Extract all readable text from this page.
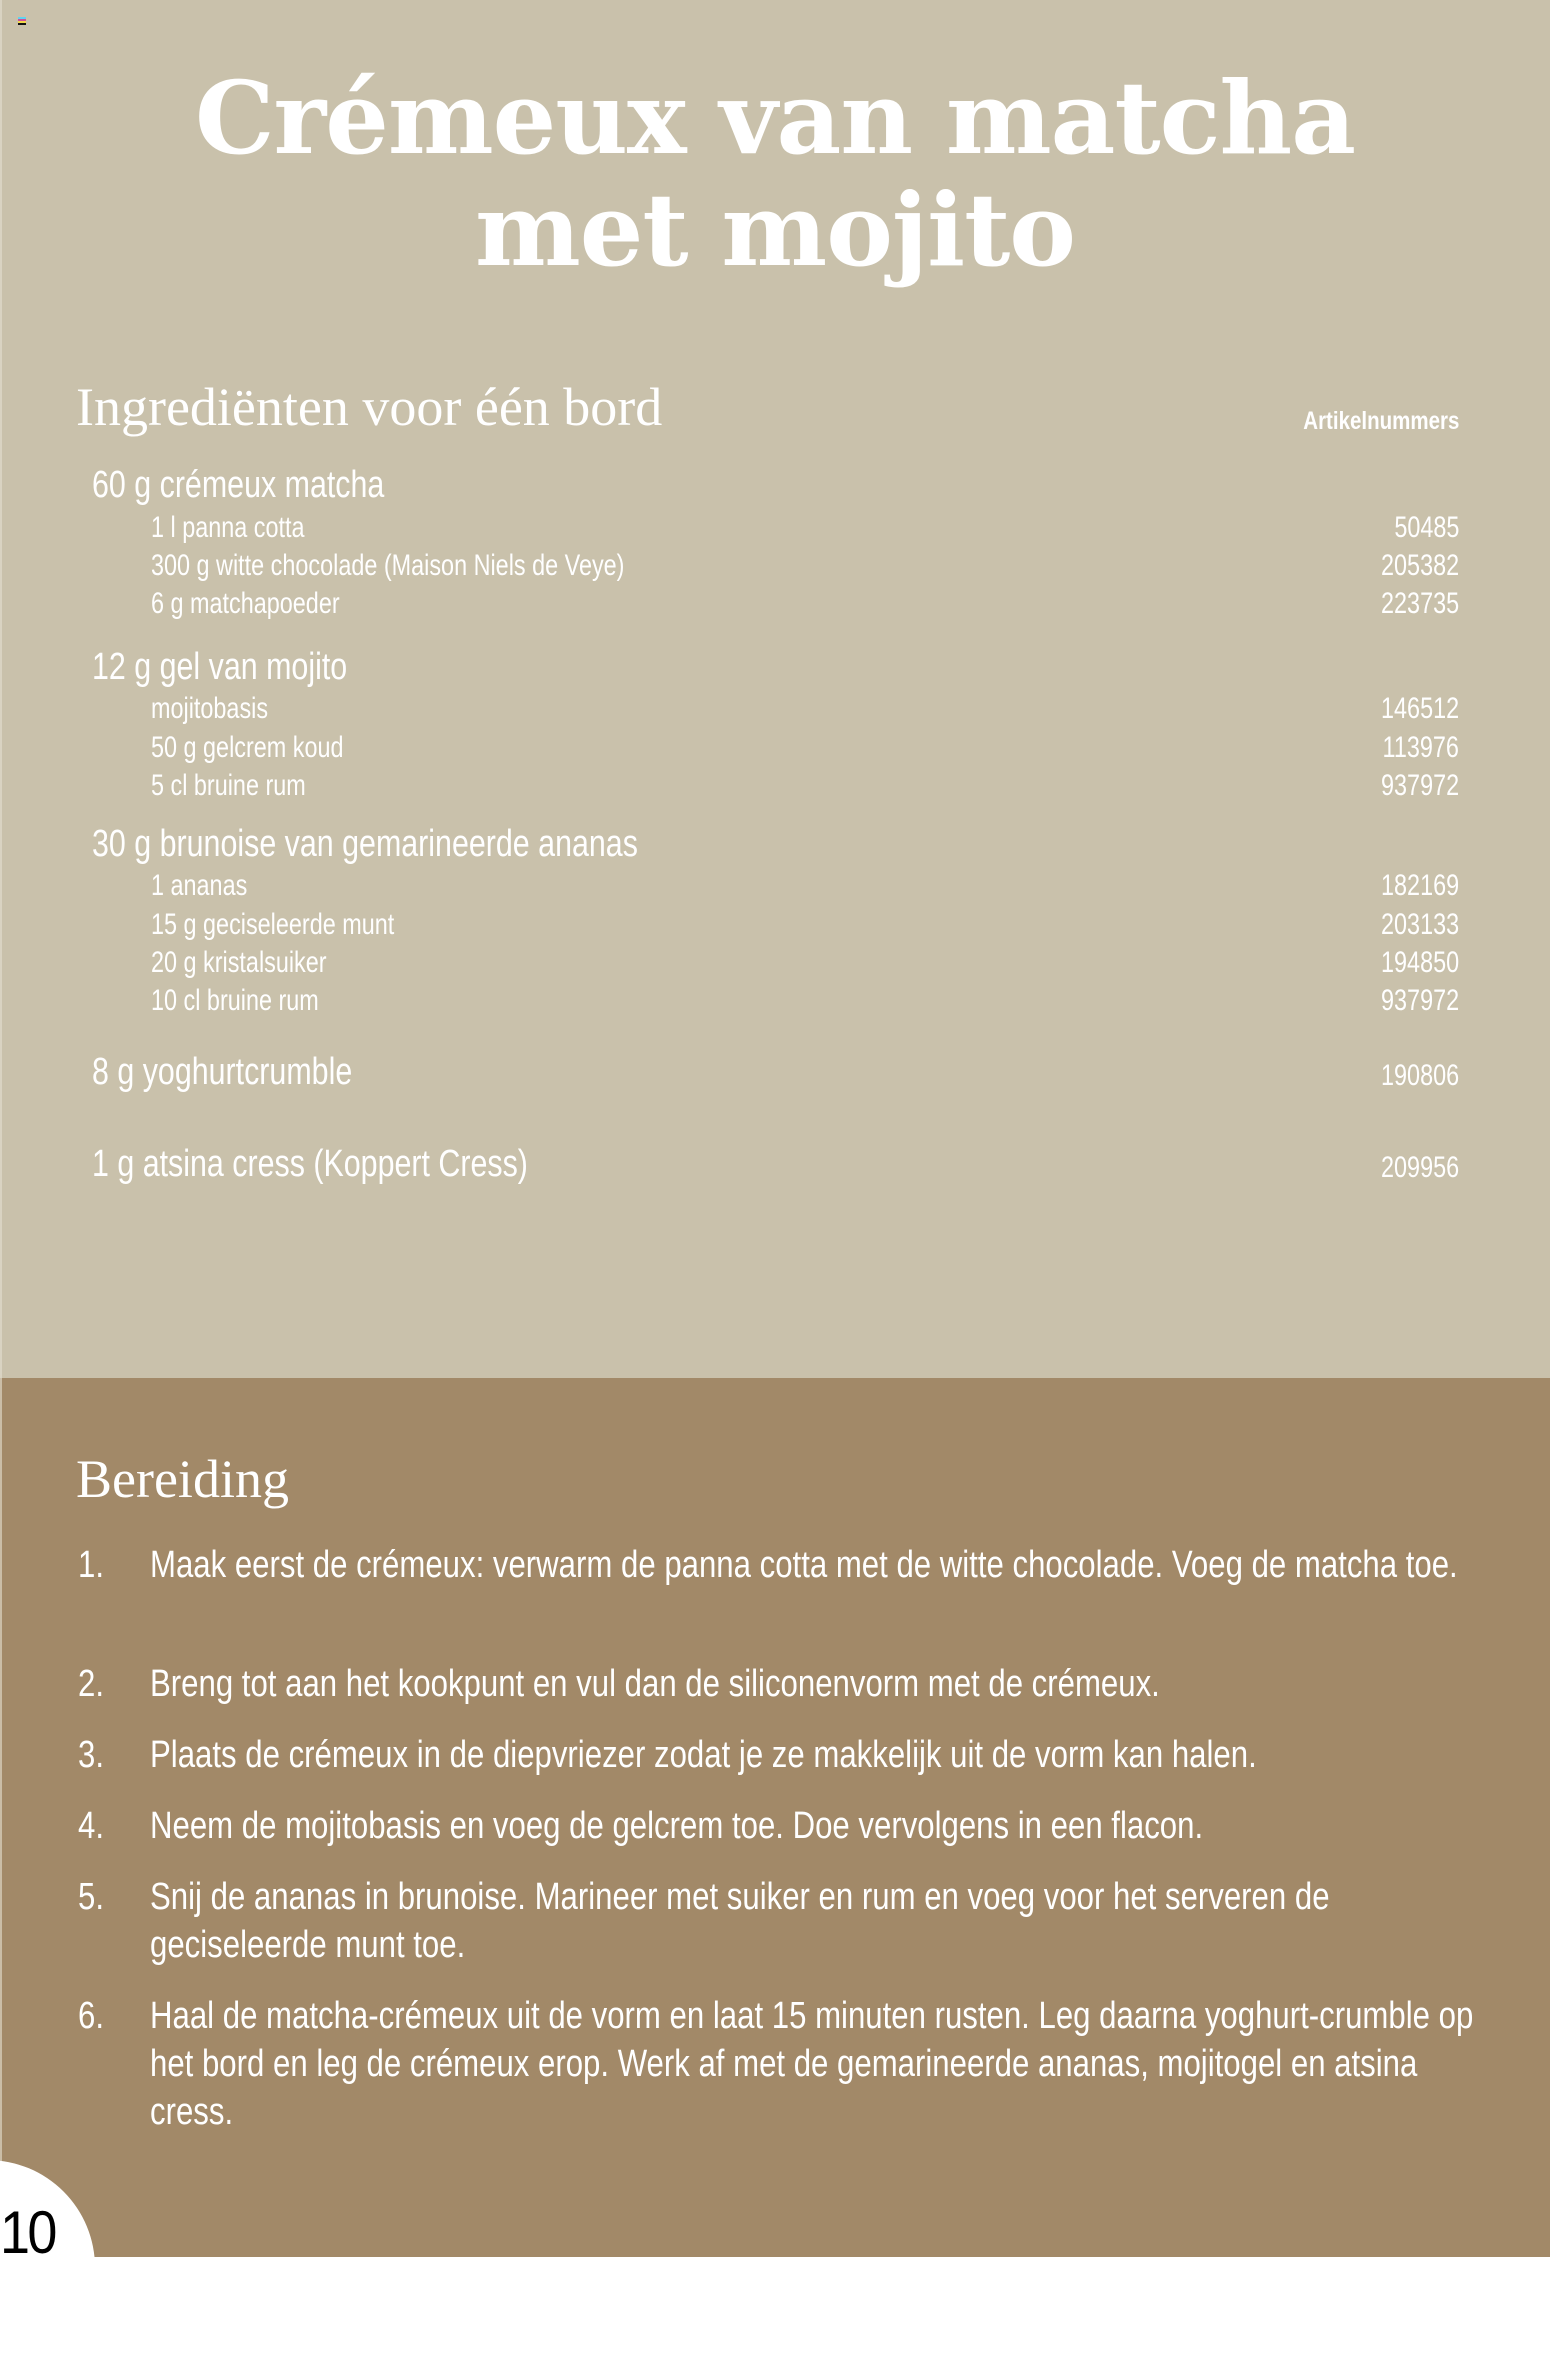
Crémeux van matcha
met mojito
Ingrediënten voor één bord	Artikelnummers
60 g crémeux matcha
1 l panna cotta	50485
300 g witte chocolade (Maison Niels de Veye)	205382
6 g matchapoeder	223735
12 g gel van mojito
mojitobasis	146512
50 g gelcrem koud	113976
5 cl bruine rum	937972
30 g brunoise van gemarineerde ananas
1 ananas	182169
15 g geciseleerde munt	203133
20 g kristalsuiker	194850
10 cl bruine rum	937972
8 g yoghurtcrumble	190806
1 g atsina cress (Koppert Cress)	209956
Bereiding
1. Maak eerst de crémeux: verwarm de panna cotta met de witte chocolade. Voeg de matcha toe.
2. Breng tot aan het kookpunt en vul dan de siliconenvorm met de crémeux.
3. Plaats de crémeux in de diepvriezer zodat je ze makkelijk uit de vorm kan halen.
4. Neem de mojitobasis en voeg de gelcrem toe. Doe vervolgens in een flacon.
5. Snij de ananas in brunoise. Marineer met suiker en rum en voeg voor het serveren de geciseleerde munt toe.
6. Haal de matcha-crémeux uit de vorm en laat 15 minuten rusten. Leg daarna yoghurt-crumble op het bord en leg de crémeux erop. Werk af met de gemarineerde ananas, mojitogel en atsina cress.
10
